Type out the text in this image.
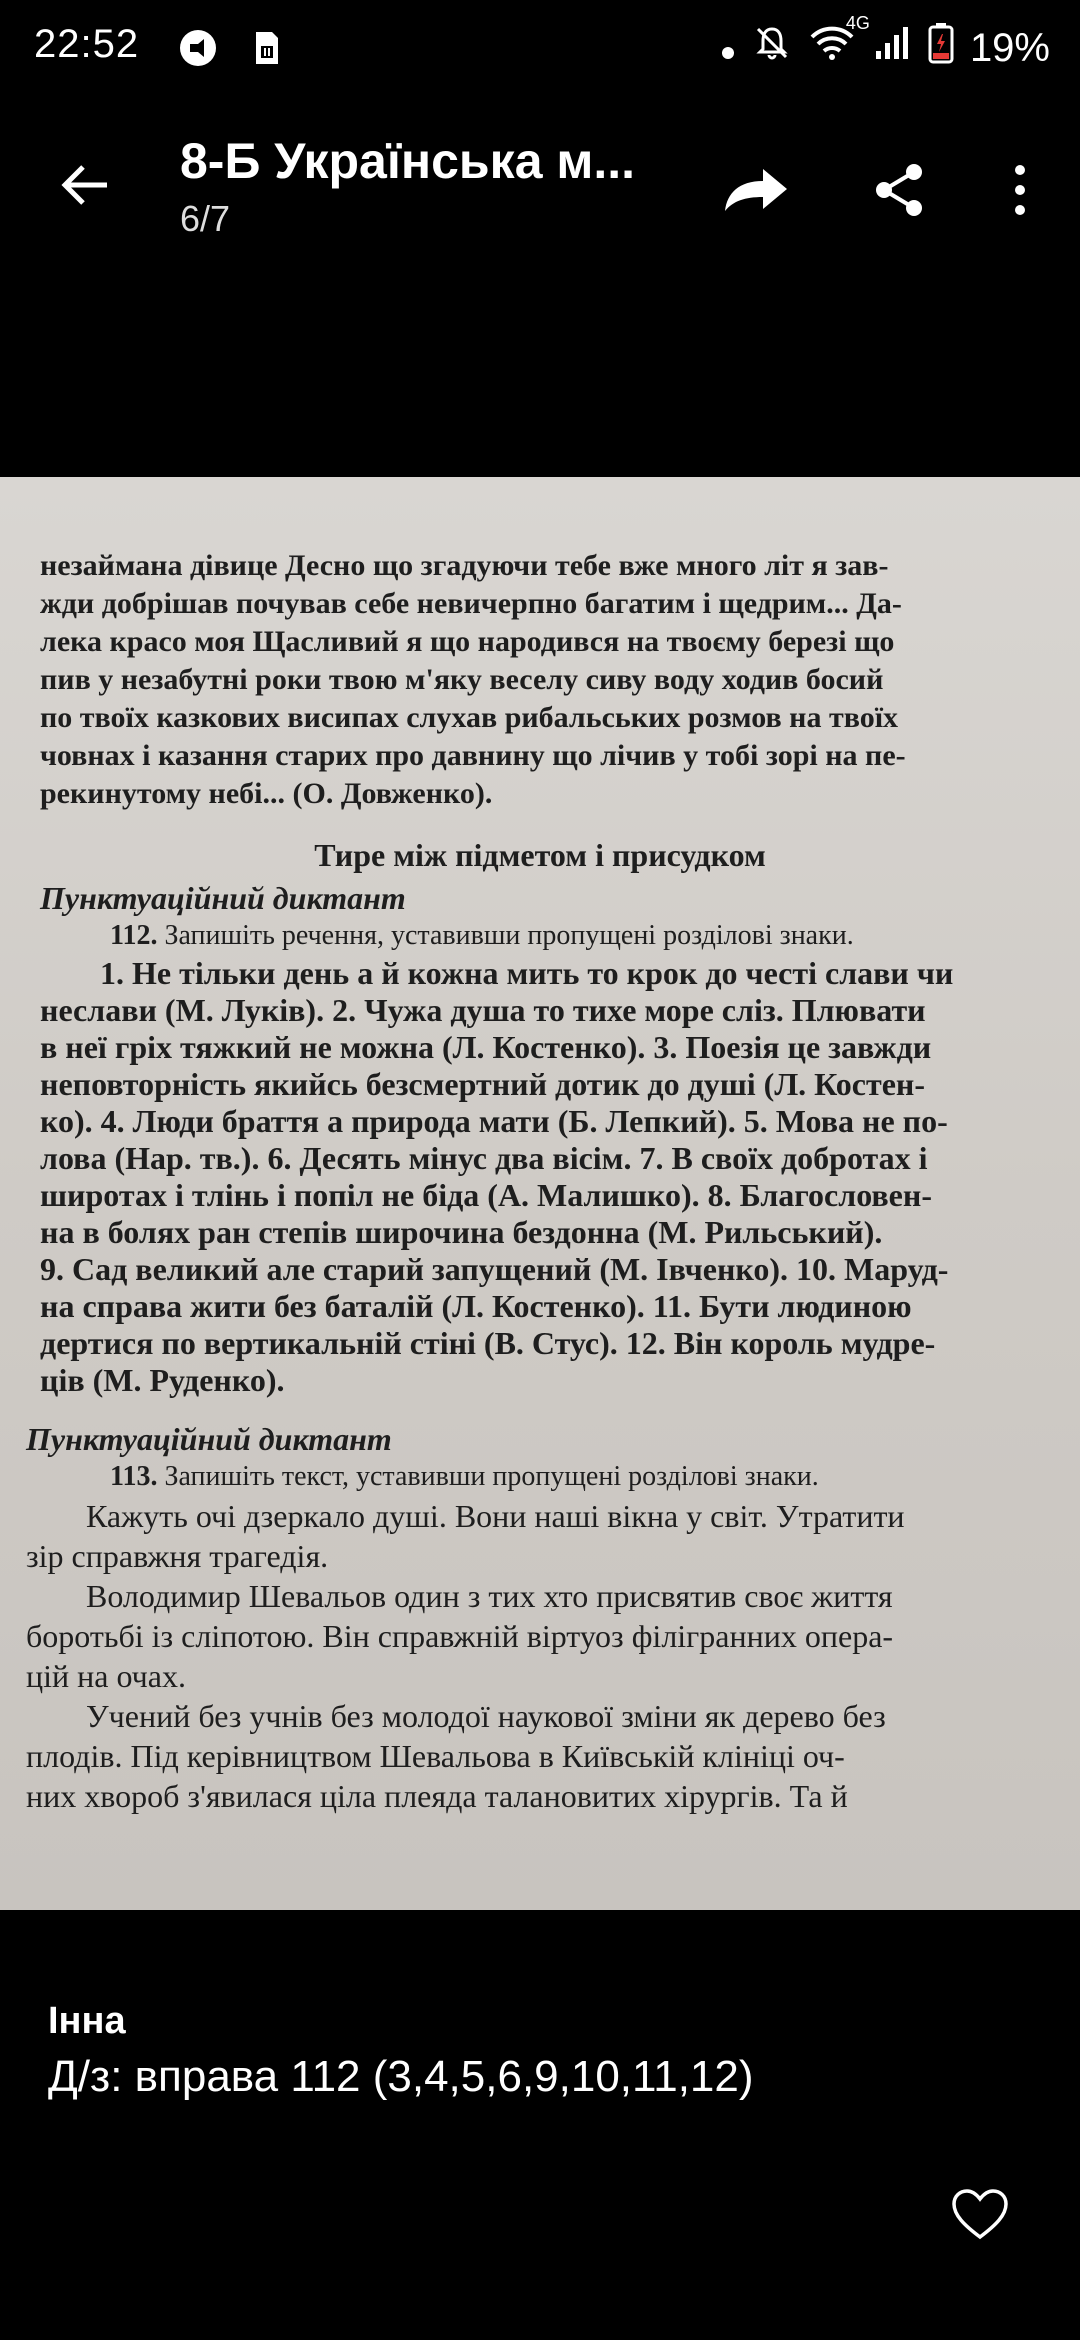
22:52	4G
19%
8-Б Українська м...
6/7
незаймана дівице Десно що згадуючи тебе вже много літ я зав-
жди добрішав почував себе невичерпно багатим і щедрим... Да-
лека красо моя Щасливий я що народився на твоєму березі що
пив у незабутні роки твою м'яку веселу сиву воду ходив босий
по твоїх казкових висипах слухав рибальських розмов на твоїх
човнах і казання старих про давнину що лічив у тобі зорі на пе-
рекинутому небі... (О. Довженко).
Тире між підметом і присудком
Пунктуаційний диктант
112. Запишіть речення, уставивши пропущені розділові знаки.
1. Не тільки день а й кожна мить то крок до честі слави чи
неслави (М. Луків). 2. Чужа душа то тихе море сліз. Плювати
в неї гріх тяжкий не можна (Л. Костенко). 3. Поезія це завжди
неповторність якийсь безсмертний дотик до душі (Л. Костен-
ко). 4. Люди браття а природа мати (Б. Лепкий). 5. Мова не по-
лова (Нар. тв.). 6. Десять мінус два вісім. 7. В своїх добротах і
широтах і тлінь і попіл не біда (А. Малишко). 8. Благословен-
на в болях ран степів широчина бездонна (М. Рильський).
9. Сад великий але старий запущений (М. Івченко). 10. Маруд-
на справа жити без баталій (Л. Костенко). 11. Бути людиною
дертися по вертикальній стіні (В. Стус). 12. Він король мудре-
ців (М. Руденко).
Пунктуаційний диктант
113. Запишіть текст, уставивши пропущені розділові знаки.
Кажуть очі дзеркало душі. Вони наші вікна у світ. Утратити
зір справжня трагедія.
Володимир Шевальов один з тих хто присвятив своє життя
боротьбі із сліпотою. Він справжній віртуоз філігранних опера-
цій на очах.
Учений без учнів без молодої наукової зміни як дерево без
плодів. Під керівництвом Шевальова в Київській клініці оч-
них хвороб з'явилася ціла плеяда талановитих хірургів. Та й
Інна
Д/з: вправа 112 (3,4,5,6,9,10,11,12)
